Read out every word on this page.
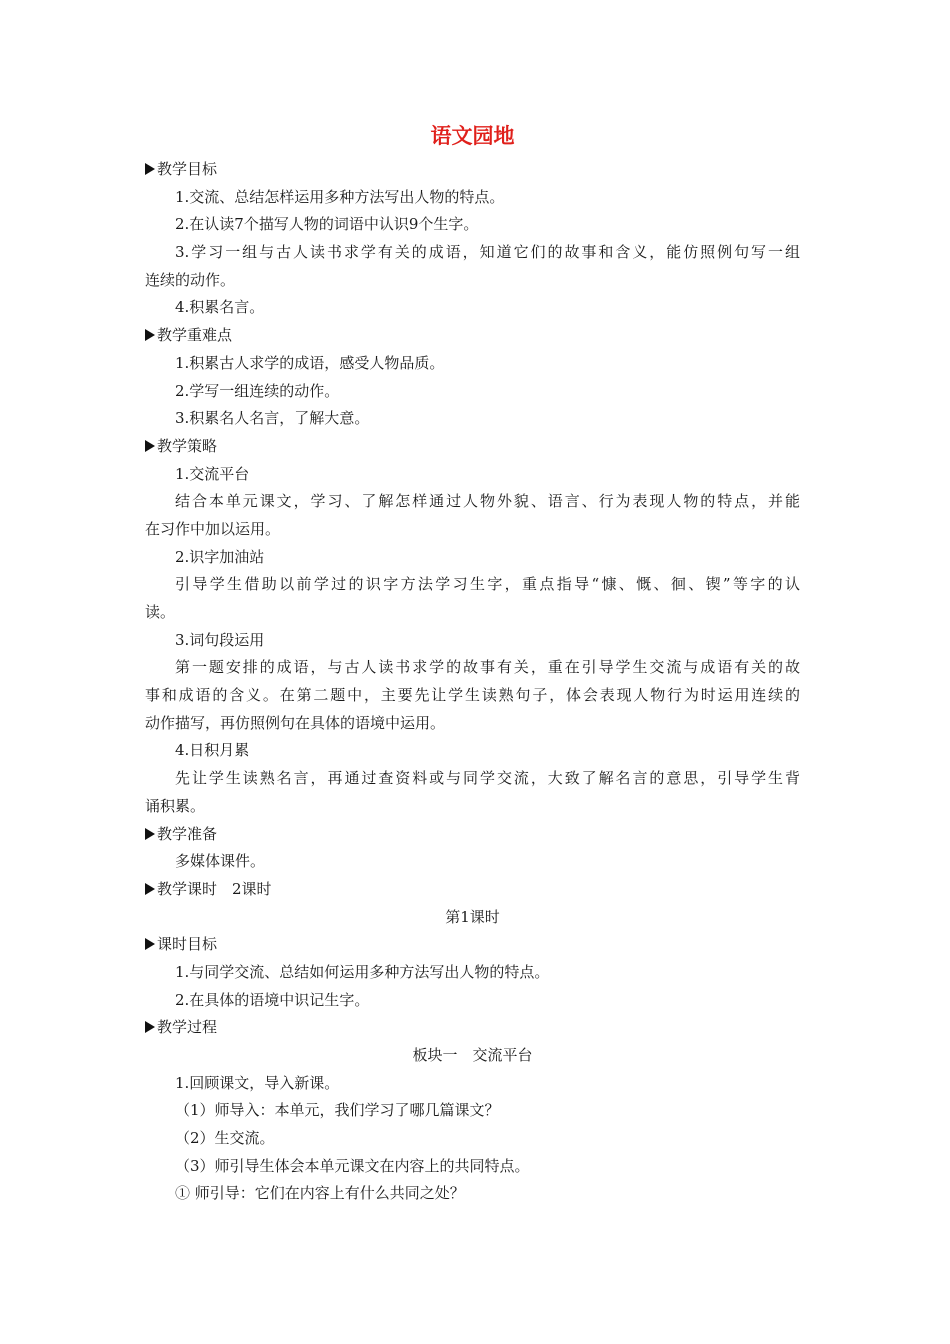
语文园地
教学目标
1.交流、总结怎样运用多种方法写出人物的特点。
2.在认读7个描写人物的词语中认识9个生字。
3.学习一组与古人读书求学有关的成语，知道它们的故事和含义，能仿照例句写一组
连续的动作。
4.积累名言。
教学重难点
1.积累古人求学的成语，感受人物品质。
2.学写一组连续的动作。
3.积累名人名言，了解大意。
教学策略
1.交流平台
结合本单元课文，学习、了解怎样通过人物外貌、语言、行为表现人物的特点，并能
在习作中加以运用。
2.识字加油站
引导学生借助以前学过的识字方法学习生字，重点指导“慷、慨、徊、锲”等字的认
读。
3.词句段运用
第一题安排的成语，与古人读书求学的故事有关，重在引导学生交流与成语有关的故
事和成语的含义。在第二题中，主要先让学生读熟句子，体会表现人物行为时运用连续的
动作描写，再仿照例句在具体的语境中运用。
4.日积月累
先让学生读熟名言，再通过查资料或与同学交流，大致了解名言的意思，引导学生背
诵积累。
教学准备
多媒体课件。
教学课时　2课时
第1课时
课时目标
1.与同学交流、总结如何运用多种方法写出人物的特点。
2.在具体的语境中识记生字。
教学过程
板块一　交流平台
1.回顾课文，导入新课。
（1）师导入：本单元，我们学习了哪几篇课文？
（2）生交流。
（3）师引导生体会本单元课文在内容上的共同特点。
① 师引导：它们在内容上有什么共同之处？
